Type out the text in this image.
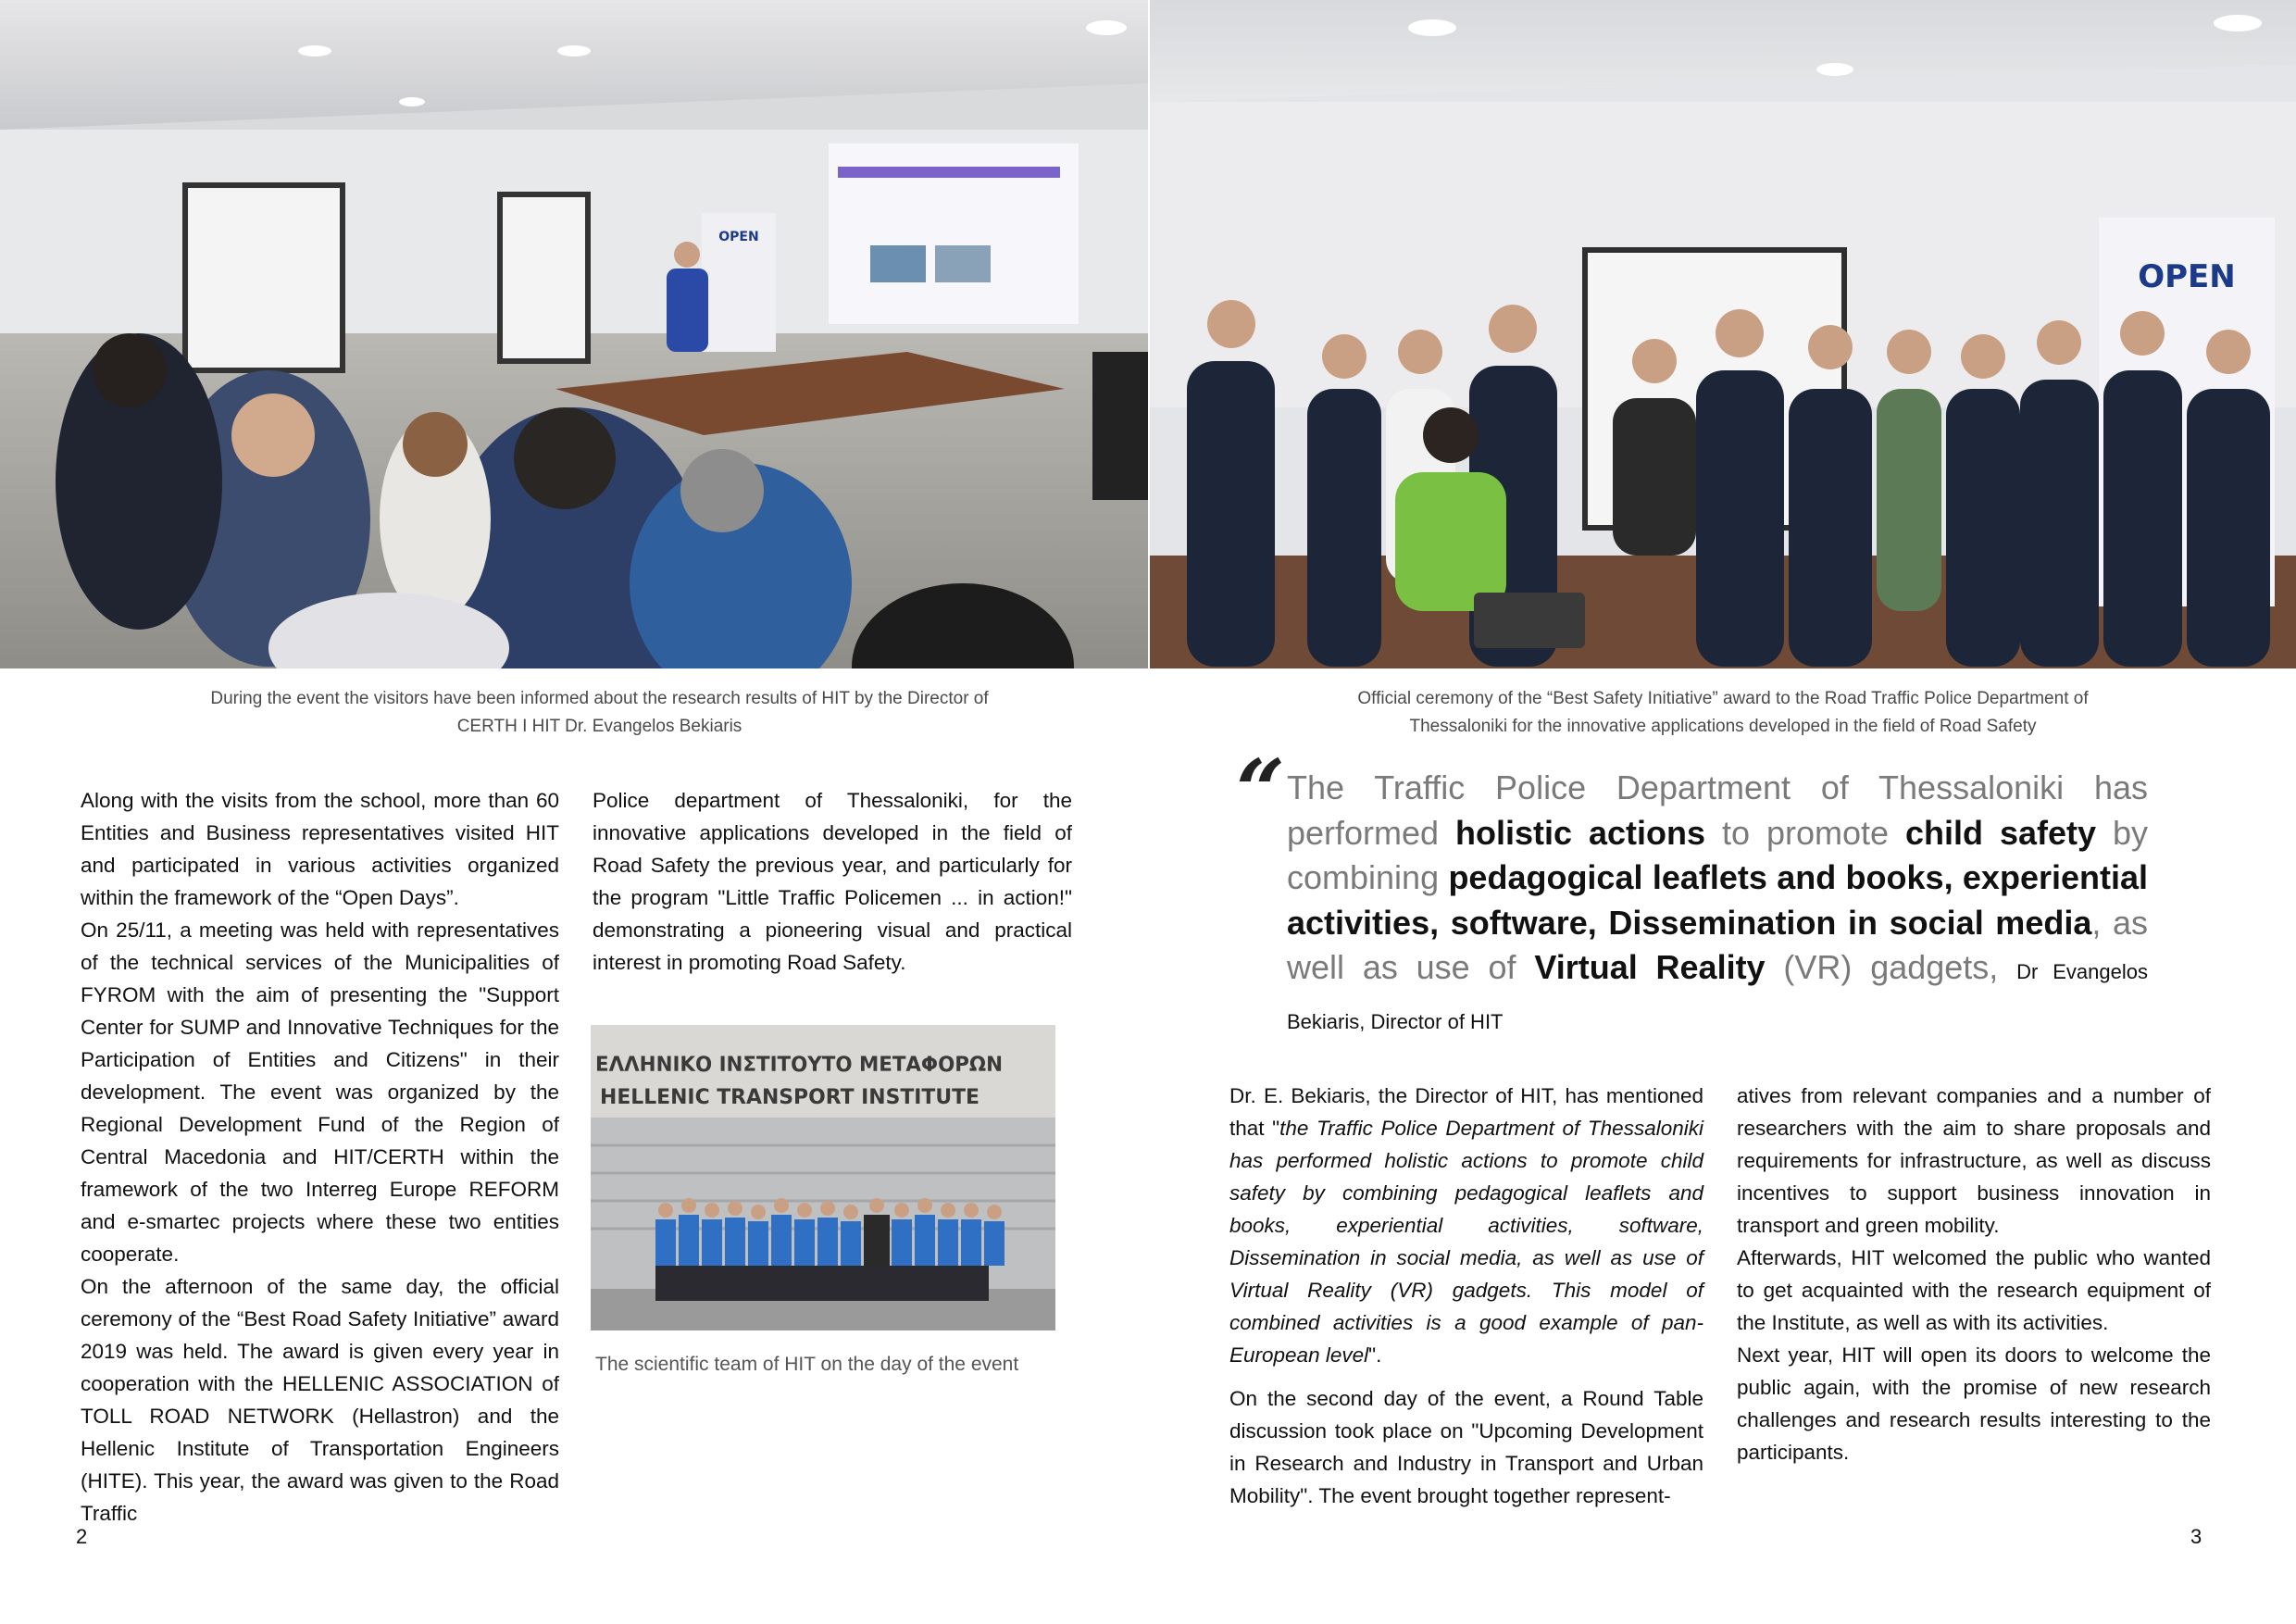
OPEN
OPEN
During the event the visitors have been informed about the research results of HIT by the Director of
CERTH I HIT Dr. Evangelos Bekiaris
Official ceremony of the “Best Safety Initiative” award to the Road Traffic Police Department of
Thessaloniki for the innovative applications developed in the field of Road Safety

Along with the visits from the school, more than 60 Entities and Business representatives visited HIT and participated in various activities organized within the framework of the “Open Days”.

On 25/11, a meeting was held with representatives of the technical services of the Municipalities of FYROM with the aim of presenting the "Support Center for SUMP and Innovative Techniques for the Participation of Entities and Citizens" in their development. The event was organized by the Regional Development Fund of the Region of Central Macedonia and HIT/CERTH within the framework of the two Interreg Europe REFORM and e-smartec projects where these two entities cooperate.

On the afternoon of the same day, the official ceremony of the “Best Road Safety Initiative” award 2019 was held. The award is given every year in cooperation with the HELLENIC ASSOCIATION of TOLL ROAD NETWORK (Hellastron) and the Hellenic Institute of Transportation Engineers (HITE). This year, the award was given to the Road Traffic

Police department of Thessaloniki, for the innovative applications developed in the field of Road Safety the previous year, and particularly for the program "Little Traffic Policemen ... in action!" demonstrating a pioneering visual and practical interest in promoting Road Safety.

ΕΛΛΗΝΙΚΟ ΙΝΣΤΙΤΟΥΤΟ ΜΕΤΑΦΟΡΩΝ
HELLENIC TRANSPORT INSTITUTE
The scientific team of HIT on the day of the event
2
“ The Traffic Police Department of Thessaloniki has performed holistic actions to promote child safety by combining pedagogical leaflets and books, experiential activities, software, Dissemination in social media, as well as use of Virtual Reality (VR) gadgets, Dr Evangelos Bekiaris, Director of HIT

Dr. E. Bekiaris, the Director of HIT, has mentioned that "the Traffic Police Department of Thessaloniki has performed holistic actions to promote child safety by combining pedagogical leaflets and books, experiential activities, software, Dissemination in social media, as well as use of Virtual Reality (VR) gadgets. This model of combined activities is a good example of pan-European level".

On the second day of the event, a Round Table discussion took place on "Upcoming Development in Research and Industry in Transport and Urban Mobility". The event brought together represent-

atives from relevant companies and a number of researchers with the aim to share proposals and requirements for infrastructure, as well as discuss incentives to support business innovation in transport and green mobility.

Afterwards, HIT welcomed the public who wanted to get acquainted with the research equipment of the Institute, as well as with its activities.

Next year, HIT will open its doors to welcome the public again, with the promise of new research challenges and research results interesting to the participants.

3
